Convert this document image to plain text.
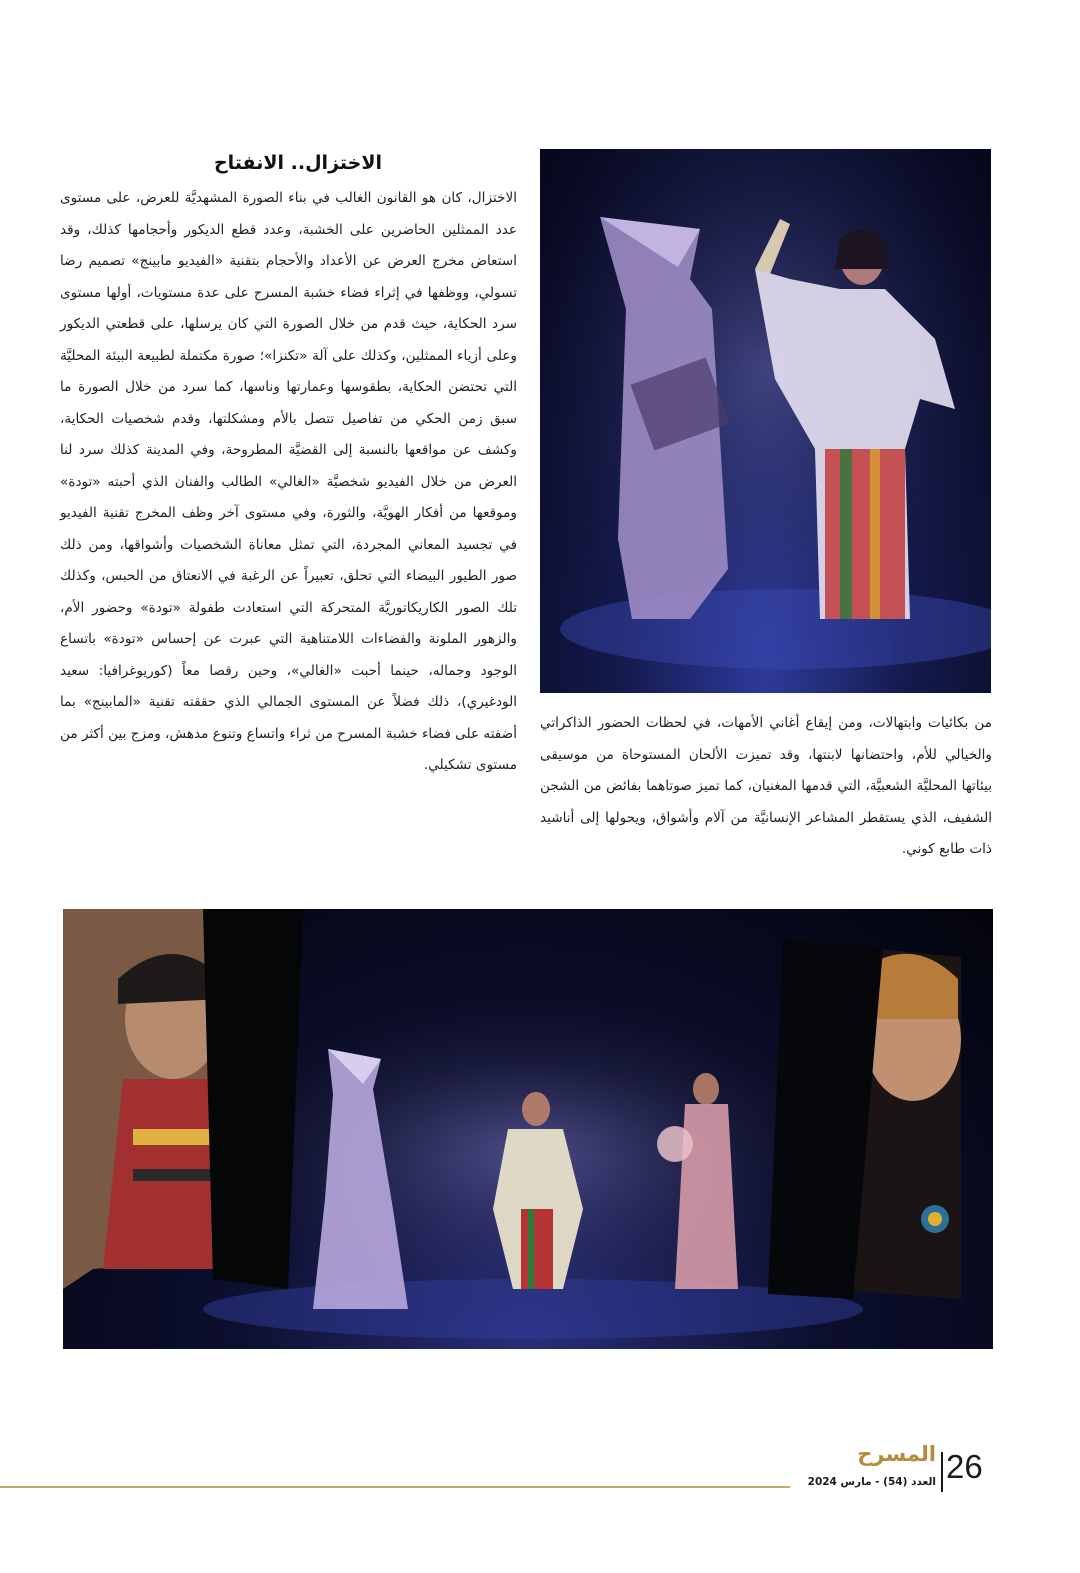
الاختزال.. الانفتاح

الاختزال، كان هو القانون الغالب في بناء الصورة المشهديَّة للعرض، على مستوى عدد الممثلين الحاضرين على الخشبة، وعدد قطع الديكور وأحجامها كذلك، وقد استعاض مخرج العرض عن الأعداد والأحجام بتقنية «الفيديو مابينج» تصميم رضا تسولي، ووظفها في إثراء فضاء خشبة المسرح على عدة مستويات، أولها مستوى سرد الحكاية، حيث قدم من خلال الصورة التي كان يرسلها، على قطعتي الديكور وعلى أزياء الممثلين، وكذلك على آلة «تكنزا»؛ صورة مكتملة لطبيعة البيئة المحليَّة التي تحتضن الحكاية، بطقوسها وعمارتها وناسها، كما سرد من خلال الصورة ما سبق زمن الحكي من تفاصيل تتصل بالأم ومشكلتها، وقدم شخصيات الحكاية، وكشف عن مواقعها بالنسبة إلى القضيَّة المطروحة، وفي المدينة كذلك سرد لنا العرض من خلال الفيديو شخصيَّة «الغالي» الطالب والفنان الذي أحبته «تودة» وموقعها من أفكار الهويَّة، والثورة، وفي مستوى آخر وظف المخرج تقنية الفيديو في تجسيد المعاني المجردة، التي تمثل معاناة الشخصيات وأشواقها، ومن ذلك صور الطيور البيضاء التي تحلق، تعبيراً عن الرغبة في الانعتاق من الحبس، وكذلك تلك الصور الكاريكاتوريَّة المتحركة التي استعادت طفولة «تودة» وحضور الأم، والزهور الملونة والفضاءات اللامتناهية التي عبرت عن إحساس «تودة» باتساع الوجود وجماله، حينما أحبت «الغالي»، وحين رقصا معاً (كوريوغرافيا: سعيد الودغيري)، ذلك فضلاً عن المستوى الجمالي الذي حققته تقنية «المابينج» بما أضفته على فضاء خشبة المسرح من ثراء واتساع وتنوع مدهش، ومزج بين أكثر من مستوى تشكيلي.

من بكائيات وابتهالات، ومن إيقاع أغاني الأمهات، في لحظات الحضور الذاكراتي والخيالي للأم، واحتضانها لابنتها، وقد تميزت الألحان المستوحاة من موسيقى بيئاتها المحليَّة الشعبيَّة، التي قدمها المغنيان، كما تميز صوتاهما بفائض من الشجن الشفيف، الذي يستقطر المشاعر الإنسانيَّة من آلام وأشواق، ويحولها إلى أناشيد ذات طابع كوني.

26
المسرح
العدد (54) - مارس 2024
